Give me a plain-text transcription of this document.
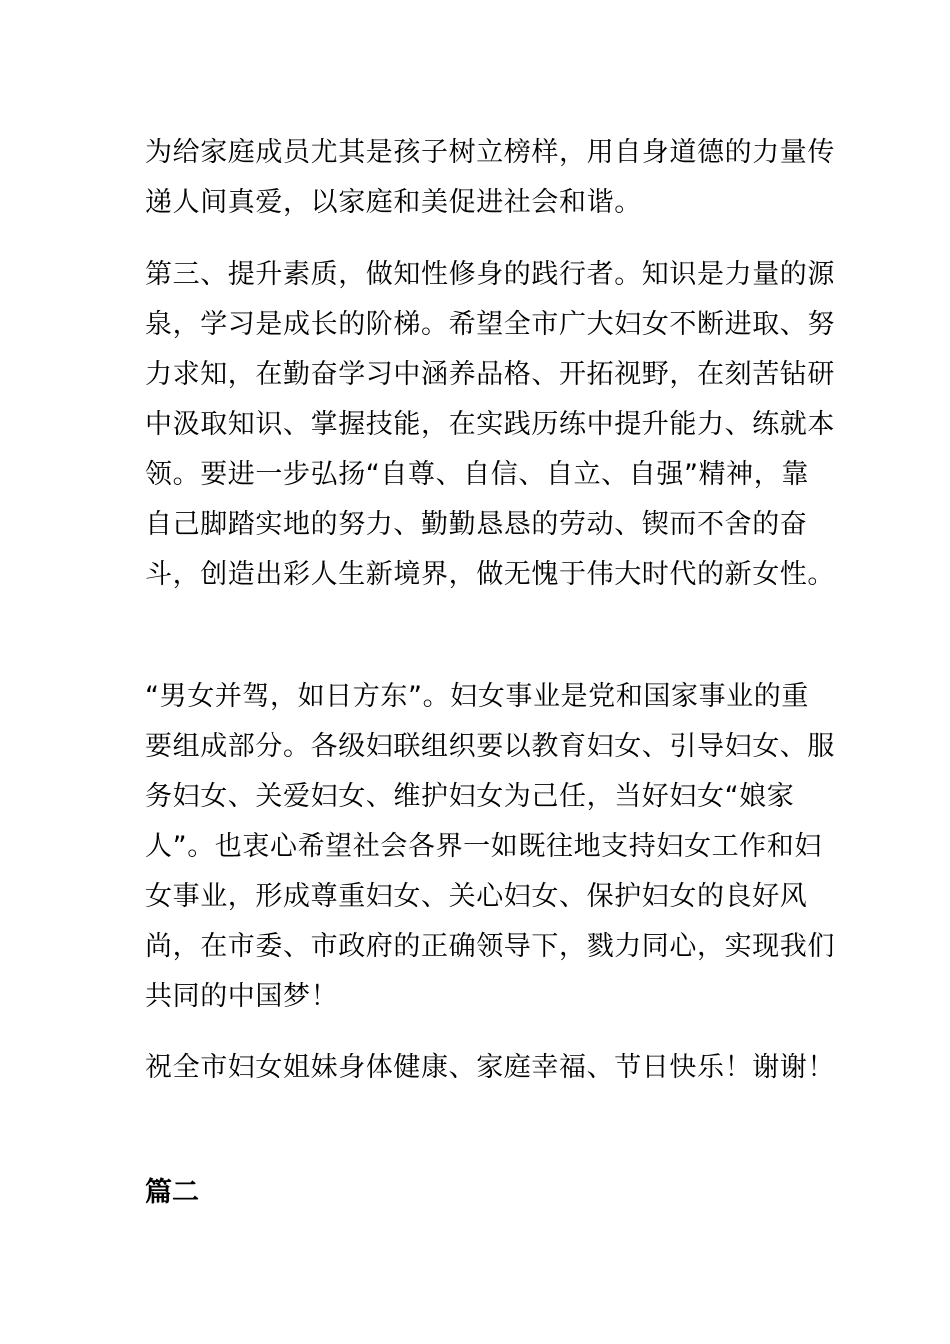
为给家庭成员尤其是孩子树立榜样，用自身道德的力量传递人间真爱，以家庭和美促进社会和谐。

第三、提升素质，做知性修身的践行者。知识是力量的源泉，学习是成长的阶梯。希望全市广大妇女不断进取、努力求知，在勤奋学习中涵养品格、开拓视野，在刻苦钻研中汲取知识、掌握技能，在实践历练中提升能力、练就本领。要进一步弘扬“自尊、自信、自立、自强”精神，靠自己脚踏实地的努力、勤勤恳恳的劳动、锲而不舍的奋斗，创造出彩人生新境界，做无愧于伟大时代的新女性。

“男女并驾，如日方东”。妇女事业是党和国家事业的重要组成部分。各级妇联组织要以教育妇女、引导妇女、服务妇女、关爱妇女、维护妇女为己任，当好妇女“娘家人”。也衷心希望社会各界一如既往地支持妇女工作和妇女事业，形成尊重妇女、关心妇女、保护妇女的良好风尚，在市委、市政府的正确领导下，戮力同心，实现我们共同的中国梦！

祝全市妇女姐妹身体健康、家庭幸福、节日快乐！谢谢！

篇二
